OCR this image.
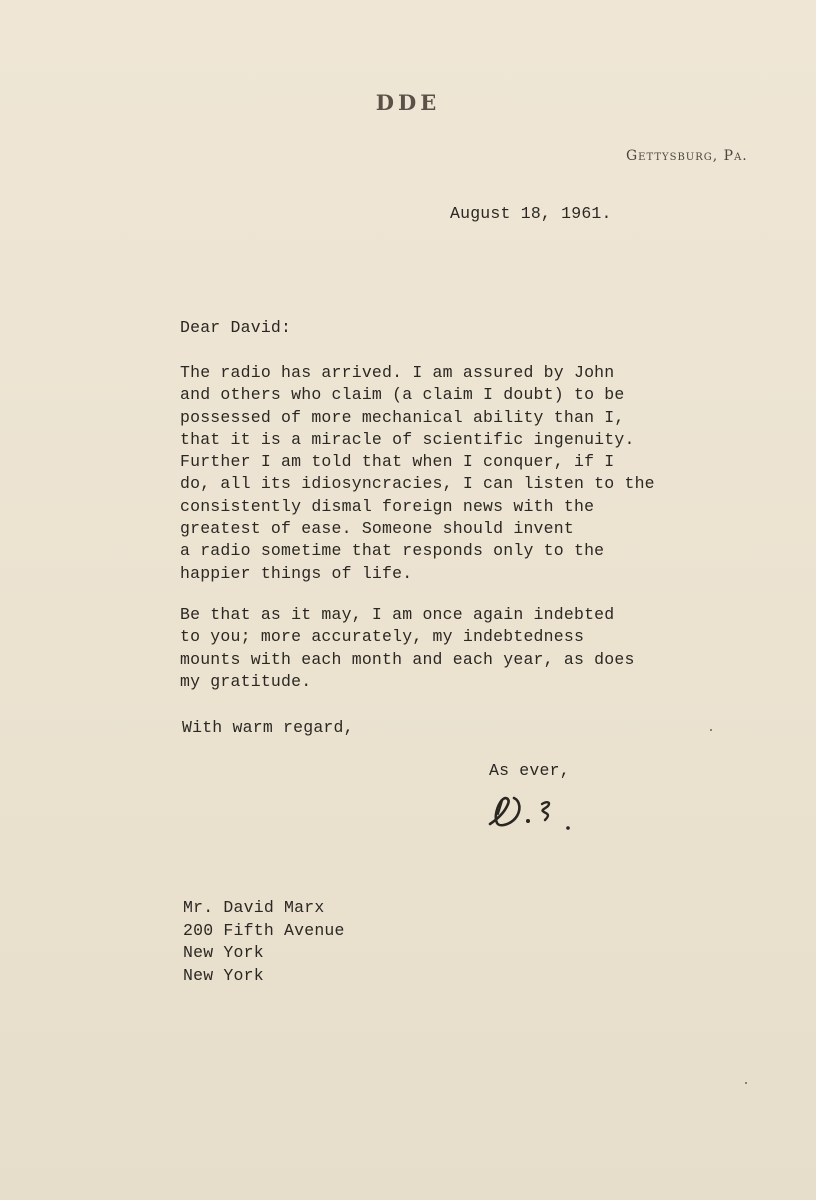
DDE
Gettysburg, Pa.
August 18, 1961.
Dear David:
The radio has arrived. I am assured by John
and others who claim (a claim I doubt) to be
possessed of more mechanical ability than I,
that it is a miracle of scientific ingenuity.
Further I am told that when I conquer, if I
do, all its idiosyncracies, I can listen to the
consistently dismal foreign news with the
greatest of ease. Someone should invent
a radio sometime that responds only to the
happier things of life.
Be that as it may, I am once again indebted
to you; more accurately, my indebtedness
mounts with each month and each year, as does
my gratitude.
With warm regard,
As ever,
Mr. David Marx
200 Fifth Avenue
New York
New York
